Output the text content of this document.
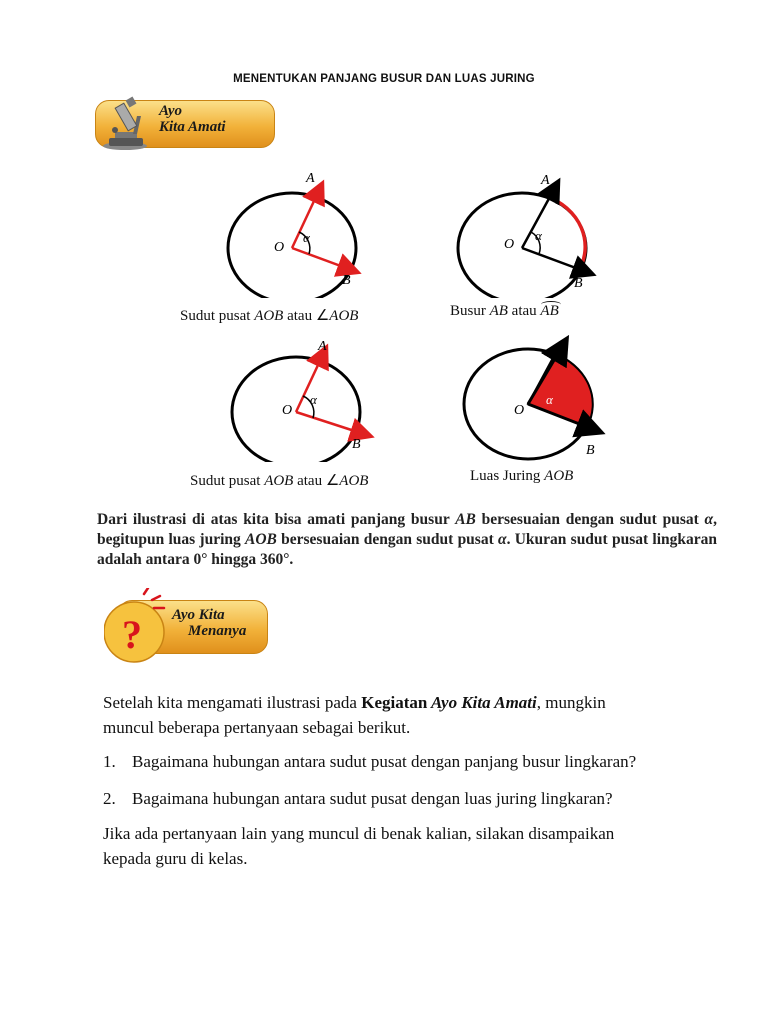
MENENTUKAN PANJANG BUSUR DAN LUAS JURING
Ayo
Kita Amati
A
B
O
α
Sudut pusat AOB atau ∠AOB
A
B
O
α
Busur AB atau
AB
A
B
O
α
Sudut pusat AOB atau ∠AOB
A
B
O
α
Luas Juring AOB
Dari ilustrasi di atas kita bisa amati panjang busur AB bersesuaian dengan sudut pusat α, begitupun luas juring AOB bersesuaian dengan sudut pusat α. Ukuran sudut pusat lingkaran adalah antara 0° hingga 360°.
? Ayo Kita
Menanya
Setelah kita mengamati ilustrasi pada Kegiatan Ayo Kita Amati, mungkin muncul beberapa pertanyaan sebagai berikut.
1. Bagaimana hubungan antara sudut pusat dengan panjang busur lingkaran?
2. Bagaimana hubungan antara sudut pusat dengan luas juring lingkaran?
Jika ada pertanyaan lain yang muncul di benak kalian, silakan disampaikan kepada guru di kelas.
